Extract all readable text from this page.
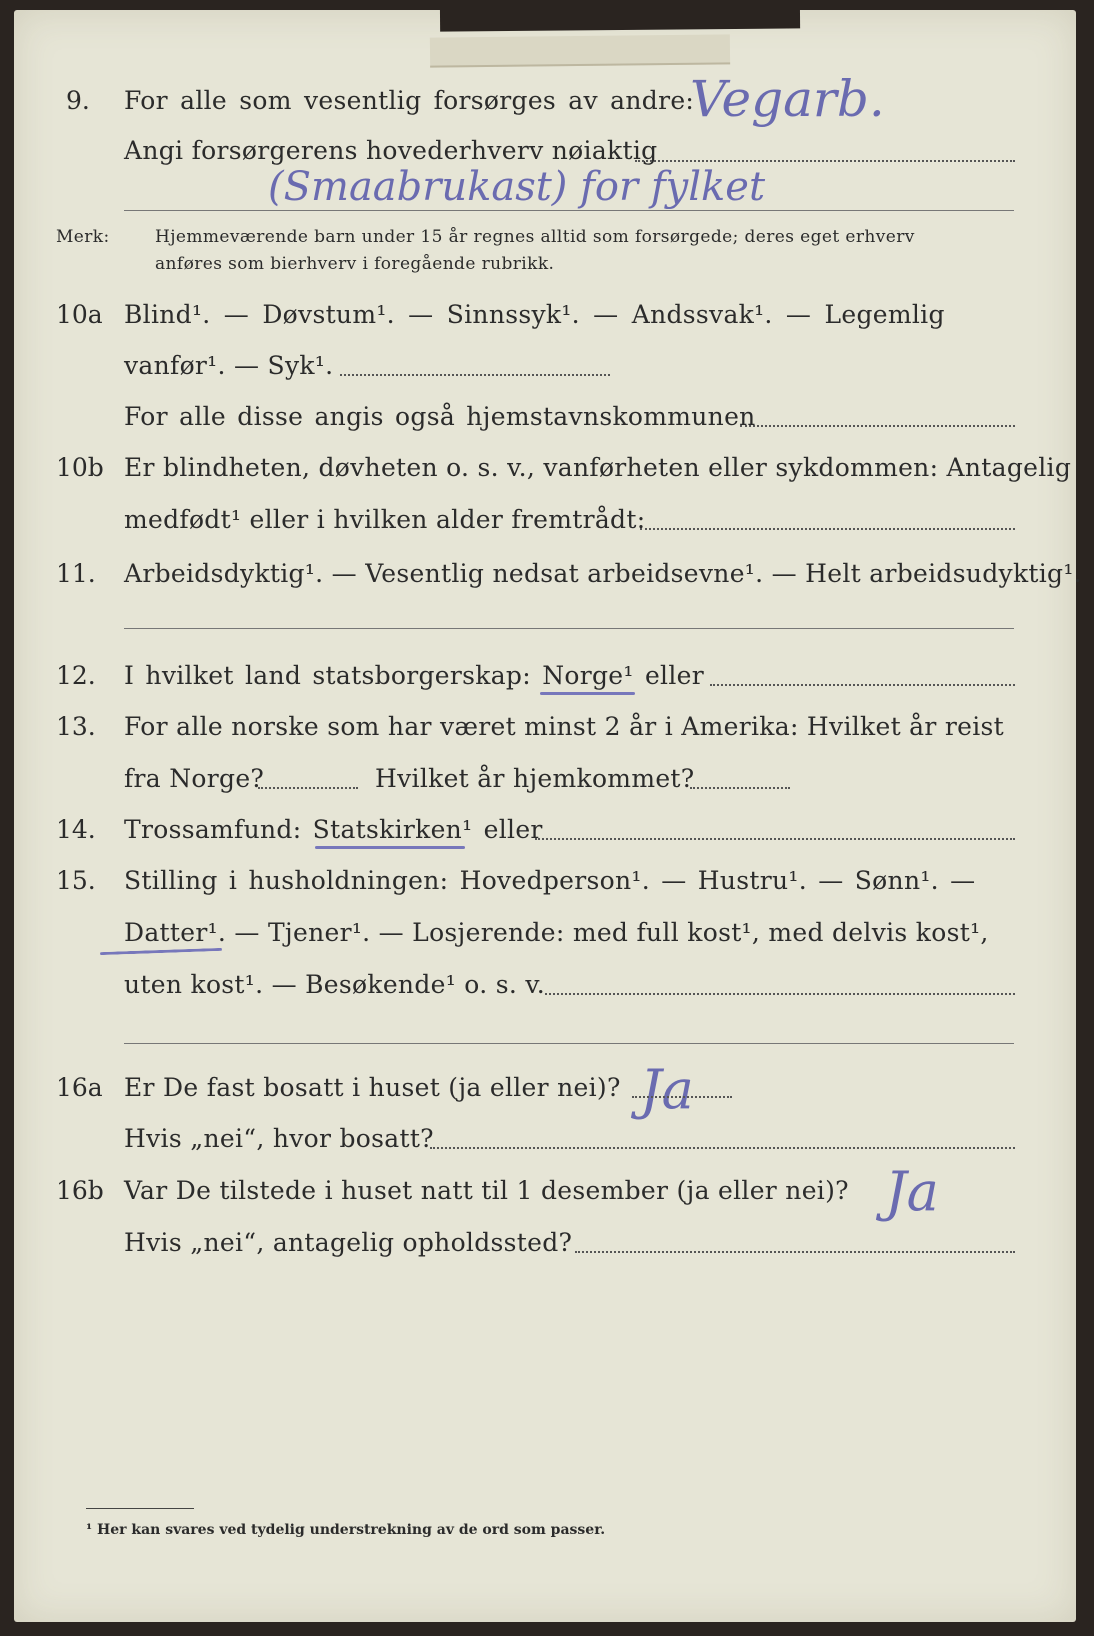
9. For alle som vesentlig forsørges av andre:
Vegarb.
Angi forsørgerens hovederhverv nøiaktig
(Smaabrukast) for fylket
Merk:	Hjemmeværende barn under 15 år regnes alltid som forsørgede; deres eget erhverv
anføres som bierhverv i foregående rubrikk.
10a Blind¹. — Døvstum¹. — Sinnssyk¹. — Andssvak¹. — Legemlig
vanfør¹. — Syk¹.
For alle disse angis også hjemstavnskommunen
10b Er blindheten, døvheten o. s. v., vanførheten eller sykdommen: Antagelig
medfødt¹ eller i hvilken alder fremtrådt:
11. Arbeidsdyktig¹. — Vesentlig nedsat arbeidsevne¹. — Helt arbeidsudyktig¹.
12. I hvilket land statsborgerskap: Norge¹ eller
13. For alle norske som har været minst 2 år i Amerika: Hvilket år reist
fra Norge?	Hvilket år hjemkommet?
14. Trossamfund: Statskirken¹ eller
15. Stilling i husholdningen: Hovedperson¹. — Hustru¹. — Sønn¹. —
Datter¹. — Tjener¹. — Losjerende: med full kost¹, med delvis kost¹,
uten kost¹. — Besøkende¹ o. s. v.
16a Er De fast bosatt i huset (ja eller nei)? Ja
Hvis „nei“, hvor bosatt?
16b Var De tilstede i huset natt til 1 desember (ja eller nei)? Ja
Hvis „nei“, antagelig opholdssted?
¹ Her kan svares ved tydelig understrekning av de ord som passer.
